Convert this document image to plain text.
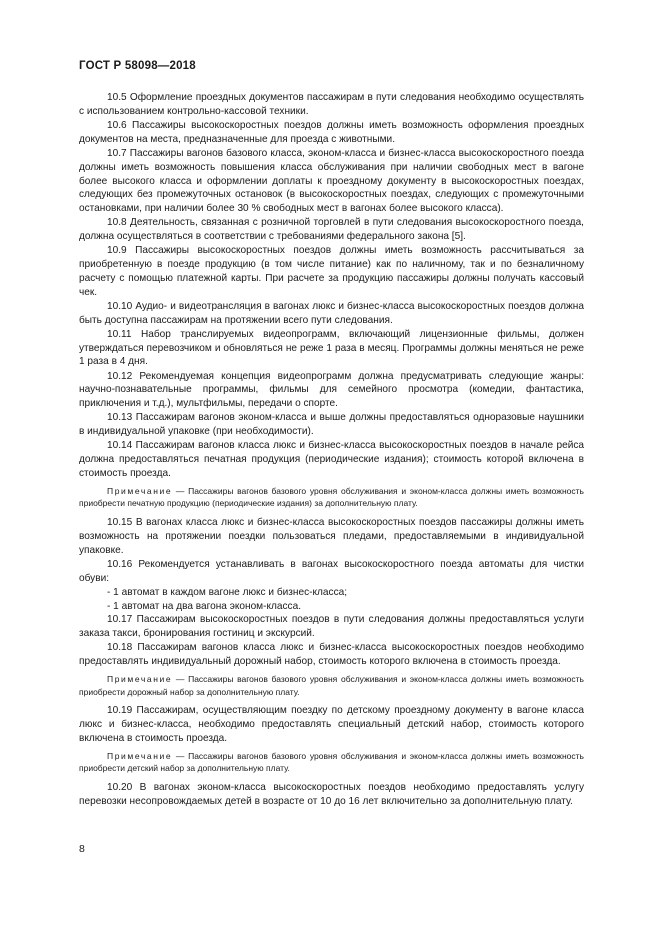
ГОСТ Р 58098—2018

10.5 Оформление проездных документов пассажирам в пути следования необходимо осуществлять с использованием контрольно-кассовой техники.

10.6 Пассажиры высокоскоростных поездов должны иметь возможность оформления проездных документов на места, предназначенные для проезда с животными.

10.7 Пассажиры вагонов базового класса, эконом-класса и бизнес-класса высокоскоростного поезда должны иметь возможность повышения класса обслуживания при наличии свободных мест в вагоне более высокого класса и оформлении доплаты к проездному документу в высокоскоростных поездах, следующих без промежуточных остановок (в высокоскоростных поездах, следующих с промежуточными остановками, при наличии более 30 % свободных мест в вагонах более высокого класса).

10.8 Деятельность, связанная с розничной торговлей в пути следования высокоскоростного поезда, должна осуществляться в соответствии с требованиями федерального закона [5].

10.9 Пассажиры высокоскоростных поездов должны иметь возможность рассчитываться за приобретенную в поезде продукцию (в том числе питание) как по наличному, так и по безналичному расчету с помощью платежной карты. При расчете за продукцию пассажиры должны получать кассовый чек.

10.10 Аудио- и видеотрансляция в вагонах люкс и бизнес-класса высокоскоростных поездов должна быть доступна пассажирам на протяжении всего пути следования.

10.11 Набор транслируемых видеопрограмм, включающий лицензионные фильмы, должен утверждаться перевозчиком и обновляться не реже 1 раза в месяц. Программы должны меняться не реже 1 раза в 4 дня.

10.12 Рекомендуемая концепция видеопрограмм должна предусматривать следующие жанры: научно-познавательные программы, фильмы для семейного просмотра (комедии, фантастика, приключения и т.д.), мультфильмы, передачи о спорте.

10.13 Пассажирам вагонов эконом-класса и выше должны предоставляться одноразовые наушники в индивидуальной упаковке (при необходимости).

10.14 Пассажирам вагонов класса люкс и бизнес-класса высокоскоростных поездов в начале рейса должна предоставляться печатная продукция (периодические издания); стоимость которой включена в стоимость проезда.

Примечание — Пассажиры вагонов базового уровня обслуживания и эконом-класса должны иметь возможность приобрести печатную продукцию (периодические издания) за дополнительную плату.

10.15 В вагонах класса люкс и бизнес-класса высокоскоростных поездов пассажиры должны иметь возможность на протяжении поездки пользоваться пледами, предоставляемыми в индивидуальной упаковке.

10.16 Рекомендуется устанавливать в вагонах высокоскоростного поезда автоматы для чистки обуви:

- 1 автомат в каждом вагоне люкс и бизнес-класса;

- 1 автомат на два вагона эконом-класса.

10.17 Пассажирам высокоскоростных поездов в пути следования должны предоставляться услуги заказа такси, бронирования гостиниц и экскурсий.

10.18 Пассажирам вагонов класса люкс и бизнес-класса высокоскоростных поездов необходимо предоставлять индивидуальный дорожный набор, стоимость которого включена в стоимость проезда.

Примечание — Пассажиры вагонов базового уровня обслуживания и эконом-класса должны иметь возможность приобрести дорожный набор за дополнительную плату.

10.19 Пассажирам, осуществляющим поездку по детскому проездному документу в вагоне класса люкс и бизнес-класса, необходимо предоставлять специальный детский набор, стоимость которого включена в стоимость проезда.

Примечание — Пассажиры вагонов базового уровня обслуживания и эконом-класса должны иметь возможность приобрести детский набор за дополнительную плату.

10.20 В вагонах эконом-класса высокоскоростных поездов необходимо предоставлять услугу перевозки несопровождаемых детей в возрасте от 10 до 16 лет включительно за дополнительную плату.

8
